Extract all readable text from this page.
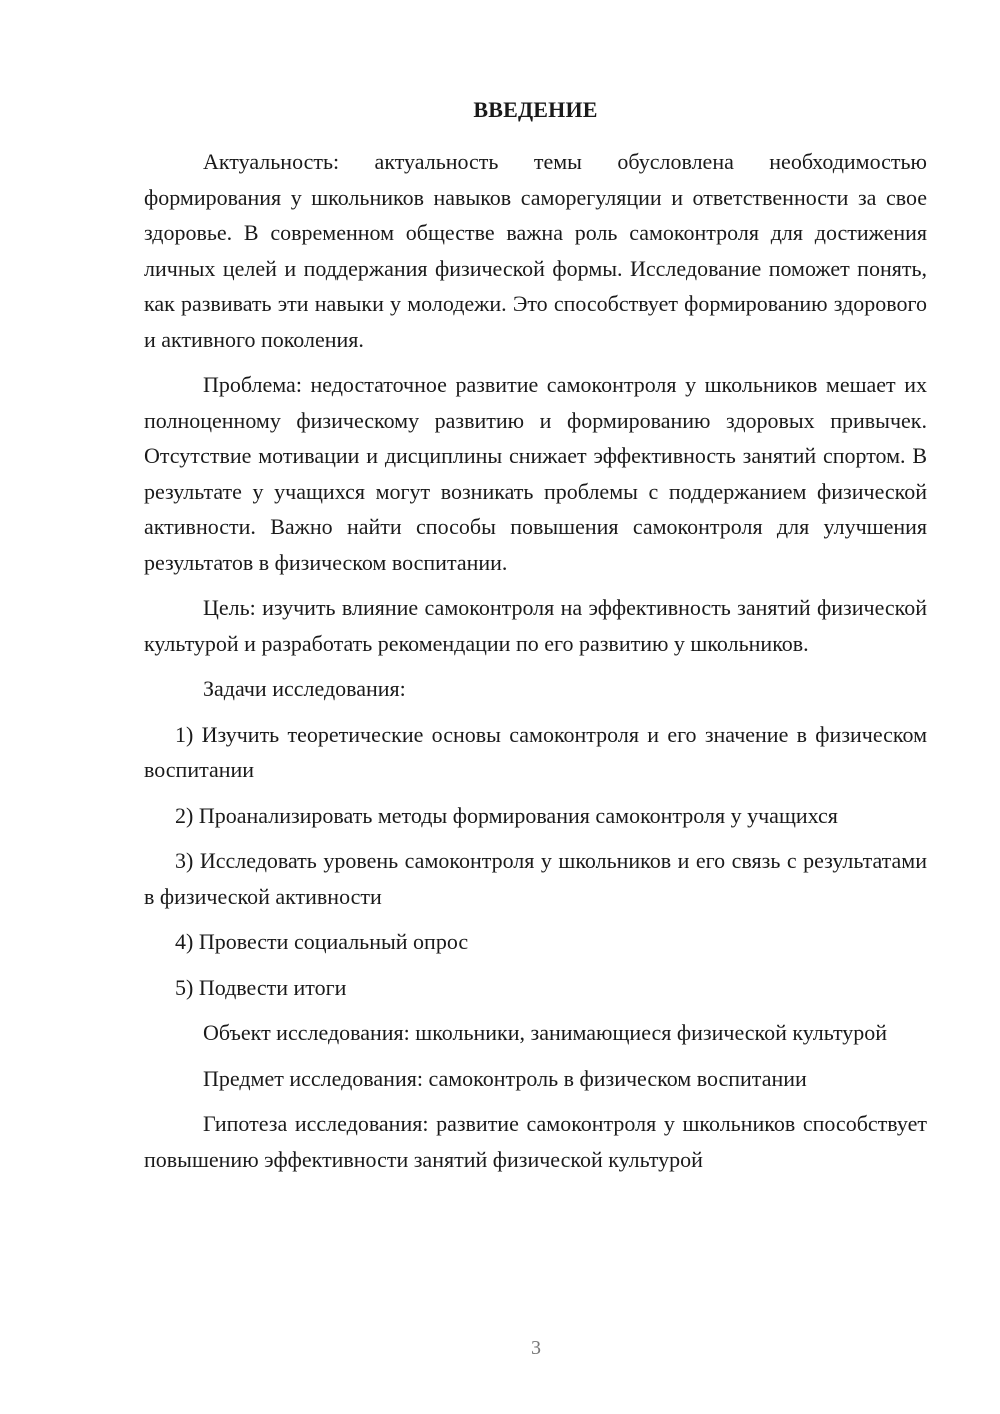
ВВЕДЕНИЕ

Актуальность: актуальность темы обусловлена необходимостью формирования у школьников навыков саморегуляции и ответственности за свое здоровье. В современном обществе важна роль самоконтроля для достижения личных целей и поддержания физической формы. Исследование поможет понять, как развивать эти навыки у молодежи. Это способствует формированию здорового и активного поколения.

Проблема: недостаточное развитие самоконтроля у школьников мешает их полноценному физическому развитию и формированию здоровых привычек. Отсутствие мотивации и дисциплины снижает эффективность занятий спортом. В результате у учащихся могут возникать проблемы с поддержанием физической активности. Важно найти способы повышения самоконтроля для улучшения результатов в физическом воспитании.

Цель: изучить влияние самоконтроля на эффективность занятий физической культурой и разработать рекомендации по его развитию у школьников.

Задачи исследования:

1) Изучить теоретические основы самоконтроля и его значение в физическом воспитании

2) Проанализировать методы формирования самоконтроля у учащихся

3) Исследовать уровень самоконтроля у школьников и его связь с результатами в физической активности

4) Провести социальный опрос

5) Подвести итоги

Объект исследования: школьники, занимающиеся физической культурой

Предмет исследования: самоконтроль в физическом воспитании

Гипотеза исследования: развитие самоконтроля у школьников способствует повышению эффективности занятий физической культурой

3
